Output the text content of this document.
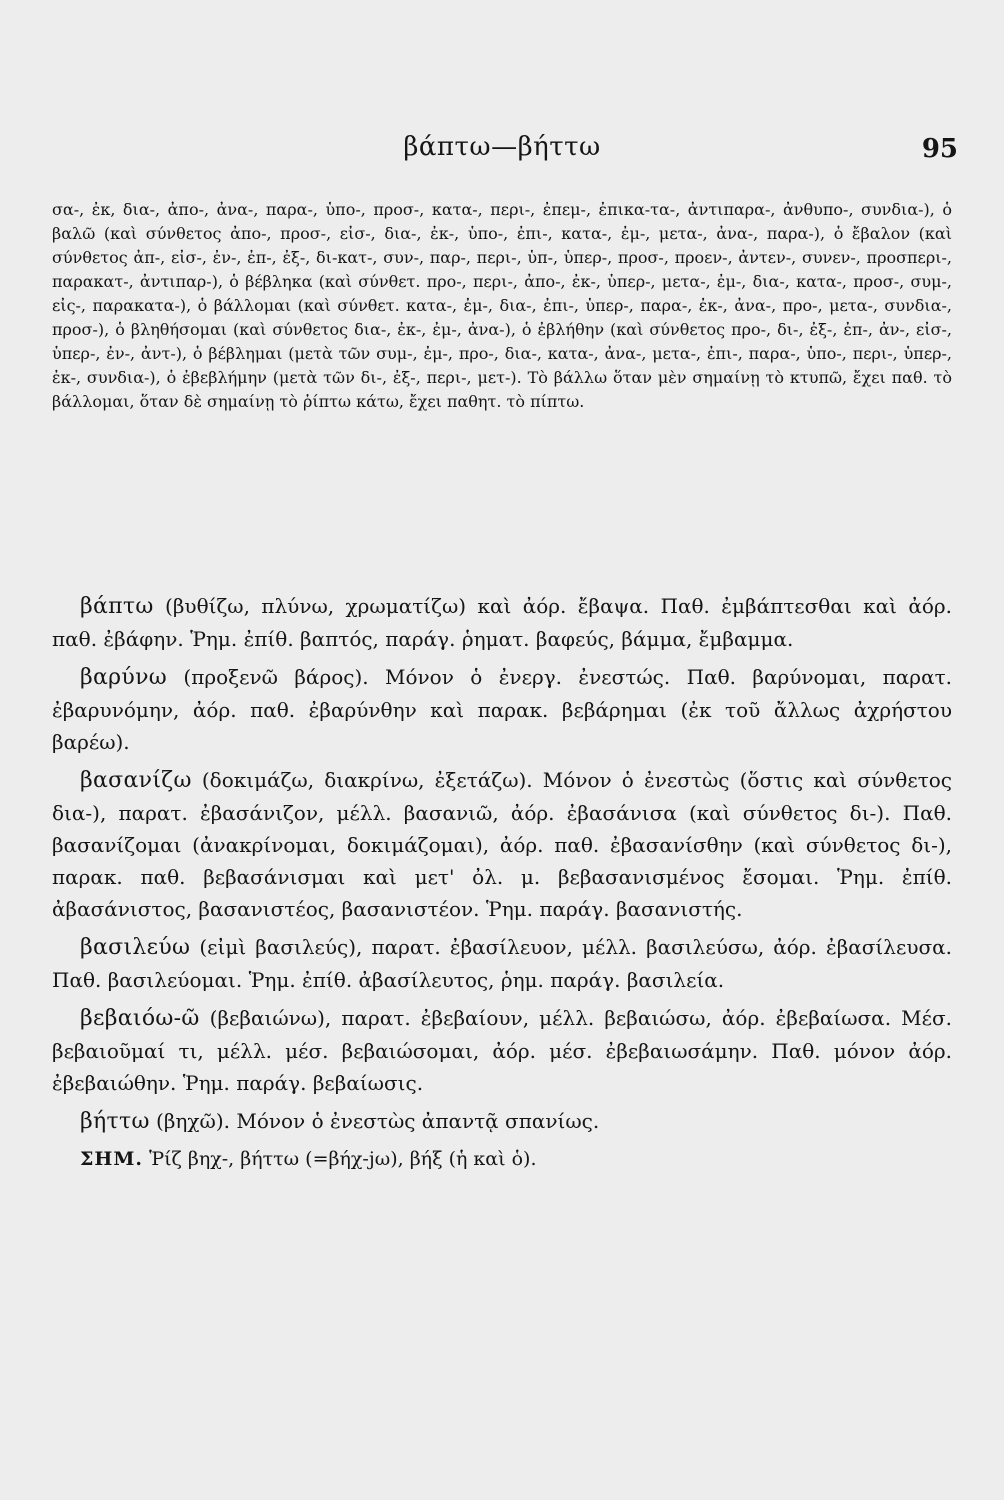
βάπτω—βήττω	95

σα-, ἐκ, δια-, ἀπο-, ἀνα-, παρα-, ὑπο-, προσ-, κατα-, περι-, ἐπεμ-, ἐπικα-τα-, ἀντιπαρα-, ἀνθυπο-, συνδια-), ὁ βαλῶ (καὶ σύνθετος ἀπο-, προσ-, εἰσ-, δια-, ἐκ-, ὑπο-, ἐπι-, κατα-, ἐμ-, μετα-, ἀνα-, παρα-), ὁ ἔβαλον (καὶ σύνθετος ἀπ-, εἰσ-, ἐν-, ἐπ-, ἐξ-, δι-κατ-, συν-, παρ-, περι-, ὑπ-, ὑπερ-, προσ-, προεν-, ἀντεν-, συνεν-, προσπερι-, παρακατ-, ἀντιπαρ-), ὁ βέβληκα (καὶ σύνθετ. προ-, περι-, ἀπο-, ἐκ-, ὑπερ-, μετα-, ἐμ-, δια-, κατα-, προσ-, συμ-, εἰς-, παρακατα-), ὁ βάλλομαι (καὶ σύνθετ. κατα-, ἐμ-, δια-, ἐπι-, ὑπερ-, παρα-, ἐκ-, ἀνα-, προ-, μετα-, συνδια-, προσ-), ὁ βληθήσομαι (καὶ σύνθετος δια-, ἐκ-, ἐμ-, ἀνα-), ὁ ἐβλήθην (καὶ σύνθετος προ-, δι-, ἐξ-, ἐπ-, ἀν-, εἰσ-, ὑπερ-, ἐν-, ἀντ-), ὁ βέβλημαι (μετὰ τῶν συμ-, ἐμ-, προ-, δια-, κατα-, ἀνα-, μετα-, ἐπι-, παρα-, ὑπο-, περι-, ὑπερ-, ἐκ-, συνδια-), ὁ ἐβεβλήμην (μετὰ τῶν δι-, ἐξ-, περι-, μετ-). Τὸ βάλλω ὅταν μὲν σημαίνῃ τὸ κτυπῶ, ἔχει παθ. τὸ βάλλομαι, ὅταν δὲ σημαίνῃ τὸ ῥίπτω κάτω, ἔχει παθητ. τὸ πίπτω.

βάπτω (βυθίζω, πλύνω, χρωματίζω) καὶ ἀόρ. ἔβαψα. Παθ. ἐμβάπτεσθαι καὶ ἀόρ. παθ. ἐβάφην. Ῥημ. ἐπίθ. βαπτός, παράγ. ῥηματ. βαφεύς, βάμμα, ἔμβαμμα.

βαρύνω (προξενῶ βάρος). Μόνον ὁ ἐνεργ. ἐνεστώς. Παθ. βαρύνομαι, παρατ. ἐβαρυνόμην, ἀόρ. παθ. ἐβαρύνθην καὶ παρακ. βεβάρημαι (ἐκ τοῦ ἄλλως ἀχρήστου βαρέω).

βασανίζω (δοκιμάζω, διακρίνω, ἐξετάζω). Μόνον ὁ ἐνεστὼς (ὅστις καὶ σύνθετος δια-), παρατ. ἐβασάνιζον, μέλλ. βασανιῶ, ἀόρ. ἐβασάνισα (καὶ σύνθετος δι-). Παθ. βασανίζομαι (ἀνακρίνομαι, δοκιμάζομαι), ἀόρ. παθ. ἐβασανίσθην (καὶ σύνθετος δι-), παρακ. παθ. βεβασάνισμαι καὶ μετ' ὀλ. μ. βεβασανισμένος ἔσομαι. Ῥημ. ἐπίθ. ἀβασάνιστος, βασανιστέος, βασανιστέον. Ῥημ. παράγ. βασανιστής.

βασιλεύω (εἰμὶ βασιλεύς), παρατ. ἐβασίλευον, μέλλ. βασιλεύσω, ἀόρ. ἐβασίλευσα. Παθ. βασιλεύομαι. Ῥημ. ἐπίθ. ἀβασίλευτος, ῥημ. παράγ. βασιλεία.

βεβαιόω-ῶ (βεβαιώνω), παρατ. ἐβεβαίουν, μέλλ. βεβαιώσω, ἀόρ. ἐβεβαίωσα. Μέσ. βεβαιοῦμαί τι, μέλλ. μέσ. βεβαιώσομαι, ἀόρ. μέσ. ἐβεβαιωσάμην. Παθ. μόνον ἀόρ. ἐβεβαιώθην. Ῥημ. παράγ. βεβαίωσις.

βήττω (βηχῶ). Μόνον ὁ ἐνεστὼς ἀπαντᾷ σπανίως.

ΣΗΜ. Ῥίζ βηχ-, βήττω (=βήχ-jω), βήξ (ἡ καὶ ὁ).
